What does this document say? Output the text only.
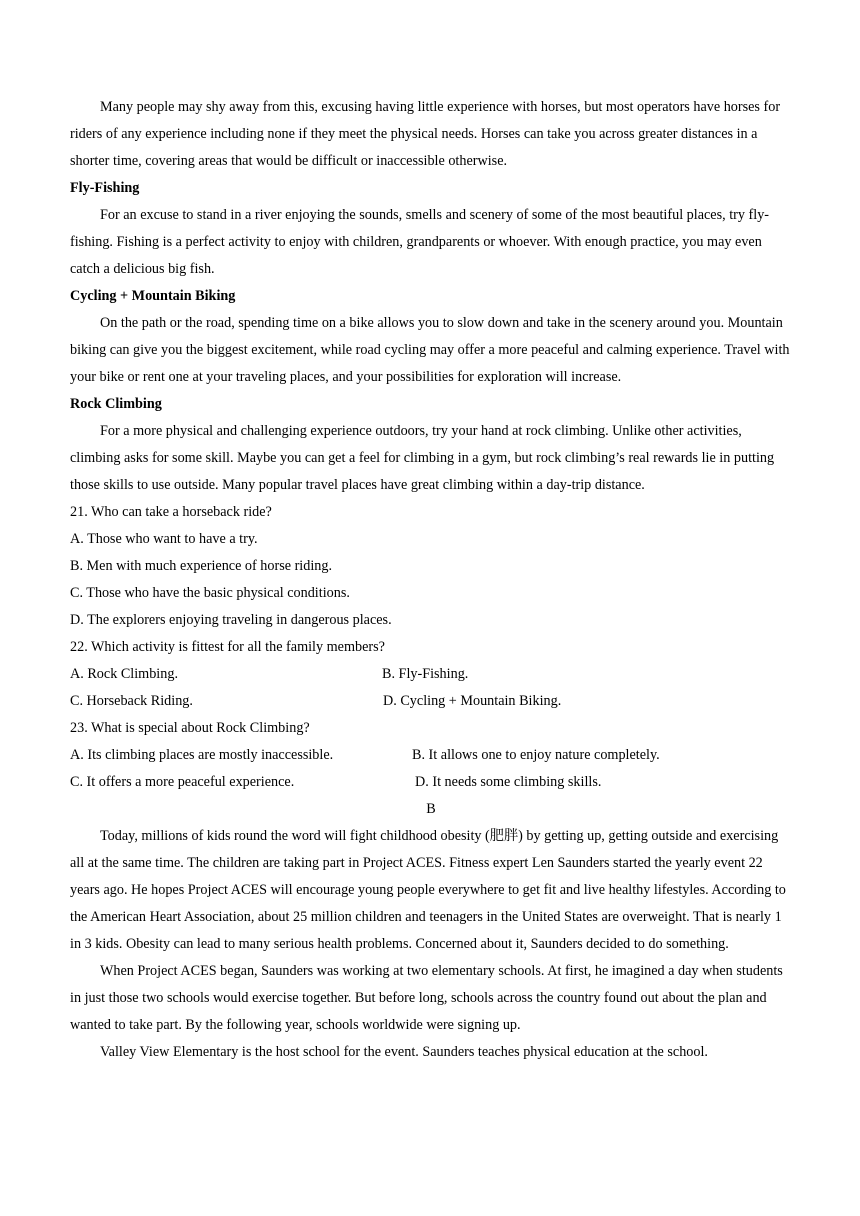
Many people may shy away from this, excusing having little experience with horses, but most operators have horses for riders of any experience including none if they meet the physical needs. Horses can take you across greater distances in a shorter time, covering areas that would be difficult or inaccessible otherwise.

Fly-Fishing

For an excuse to stand in a river enjoying the sounds, smells and scenery of some of the most beautiful places, try fly-fishing. Fishing is a perfect activity to enjoy with children, grandparents or whoever. With enough practice, you may even catch a delicious big fish.

Cycling + Mountain Biking

On the path or the road, spending time on a bike allows you to slow down and take in the scenery around you. Mountain biking can give you the biggest excitement, while road cycling may offer a more peaceful and calming experience. Travel with your bike or rent one at your traveling places, and your possibilities for exploration will increase.

Rock Climbing

For a more physical and challenging experience outdoors, try your hand at rock climbing. Unlike other activities, climbing asks for some skill. Maybe you can get a feel for climbing in a gym, but rock climbing’s real rewards lie in putting those skills to use outside. Many popular travel places have great climbing within a day-trip distance.

21. Who can take a horseback ride?

A. Those who want to have a try.

B. Men with much experience of horse riding.

C. Those who have the basic physical conditions.

D. The explorers enjoying traveling in dangerous places.

22. Which activity is fittest for all the family members?

A. Rock Climbing.	B. Fly-Fishing.
C. Horseback Riding.	D. Cycling + Mountain Biking.

23. What is special about Rock Climbing?

A. Its climbing places are mostly inaccessible.	B. It allows one to enjoy nature completely.
C. It offers a more peaceful experience.	D. It needs some climbing skills.

B

Today, millions of kids round the word will fight childhood obesity (肥胖) by getting up, getting outside and exercising all at the same time. The children are taking part in Project ACES. Fitness expert Len Saunders started the yearly event 22 years ago. He hopes Project ACES will encourage young people everywhere to get fit and live healthy lifestyles. According to the American Heart Association, about 25 million children and teenagers in the United States are overweight. That is nearly 1 in 3 kids. Obesity can lead to many serious health problems. Concerned about it, Saunders decided to do something.

When Project ACES began, Saunders was working at two elementary schools. At first, he imagined a day when students in just those two schools would exercise together. But before long, schools across the country found out about the plan and wanted to take part. By the following year, schools worldwide were signing up.

Valley View Elementary is the host school for the event. Saunders teaches physical education at the school.
